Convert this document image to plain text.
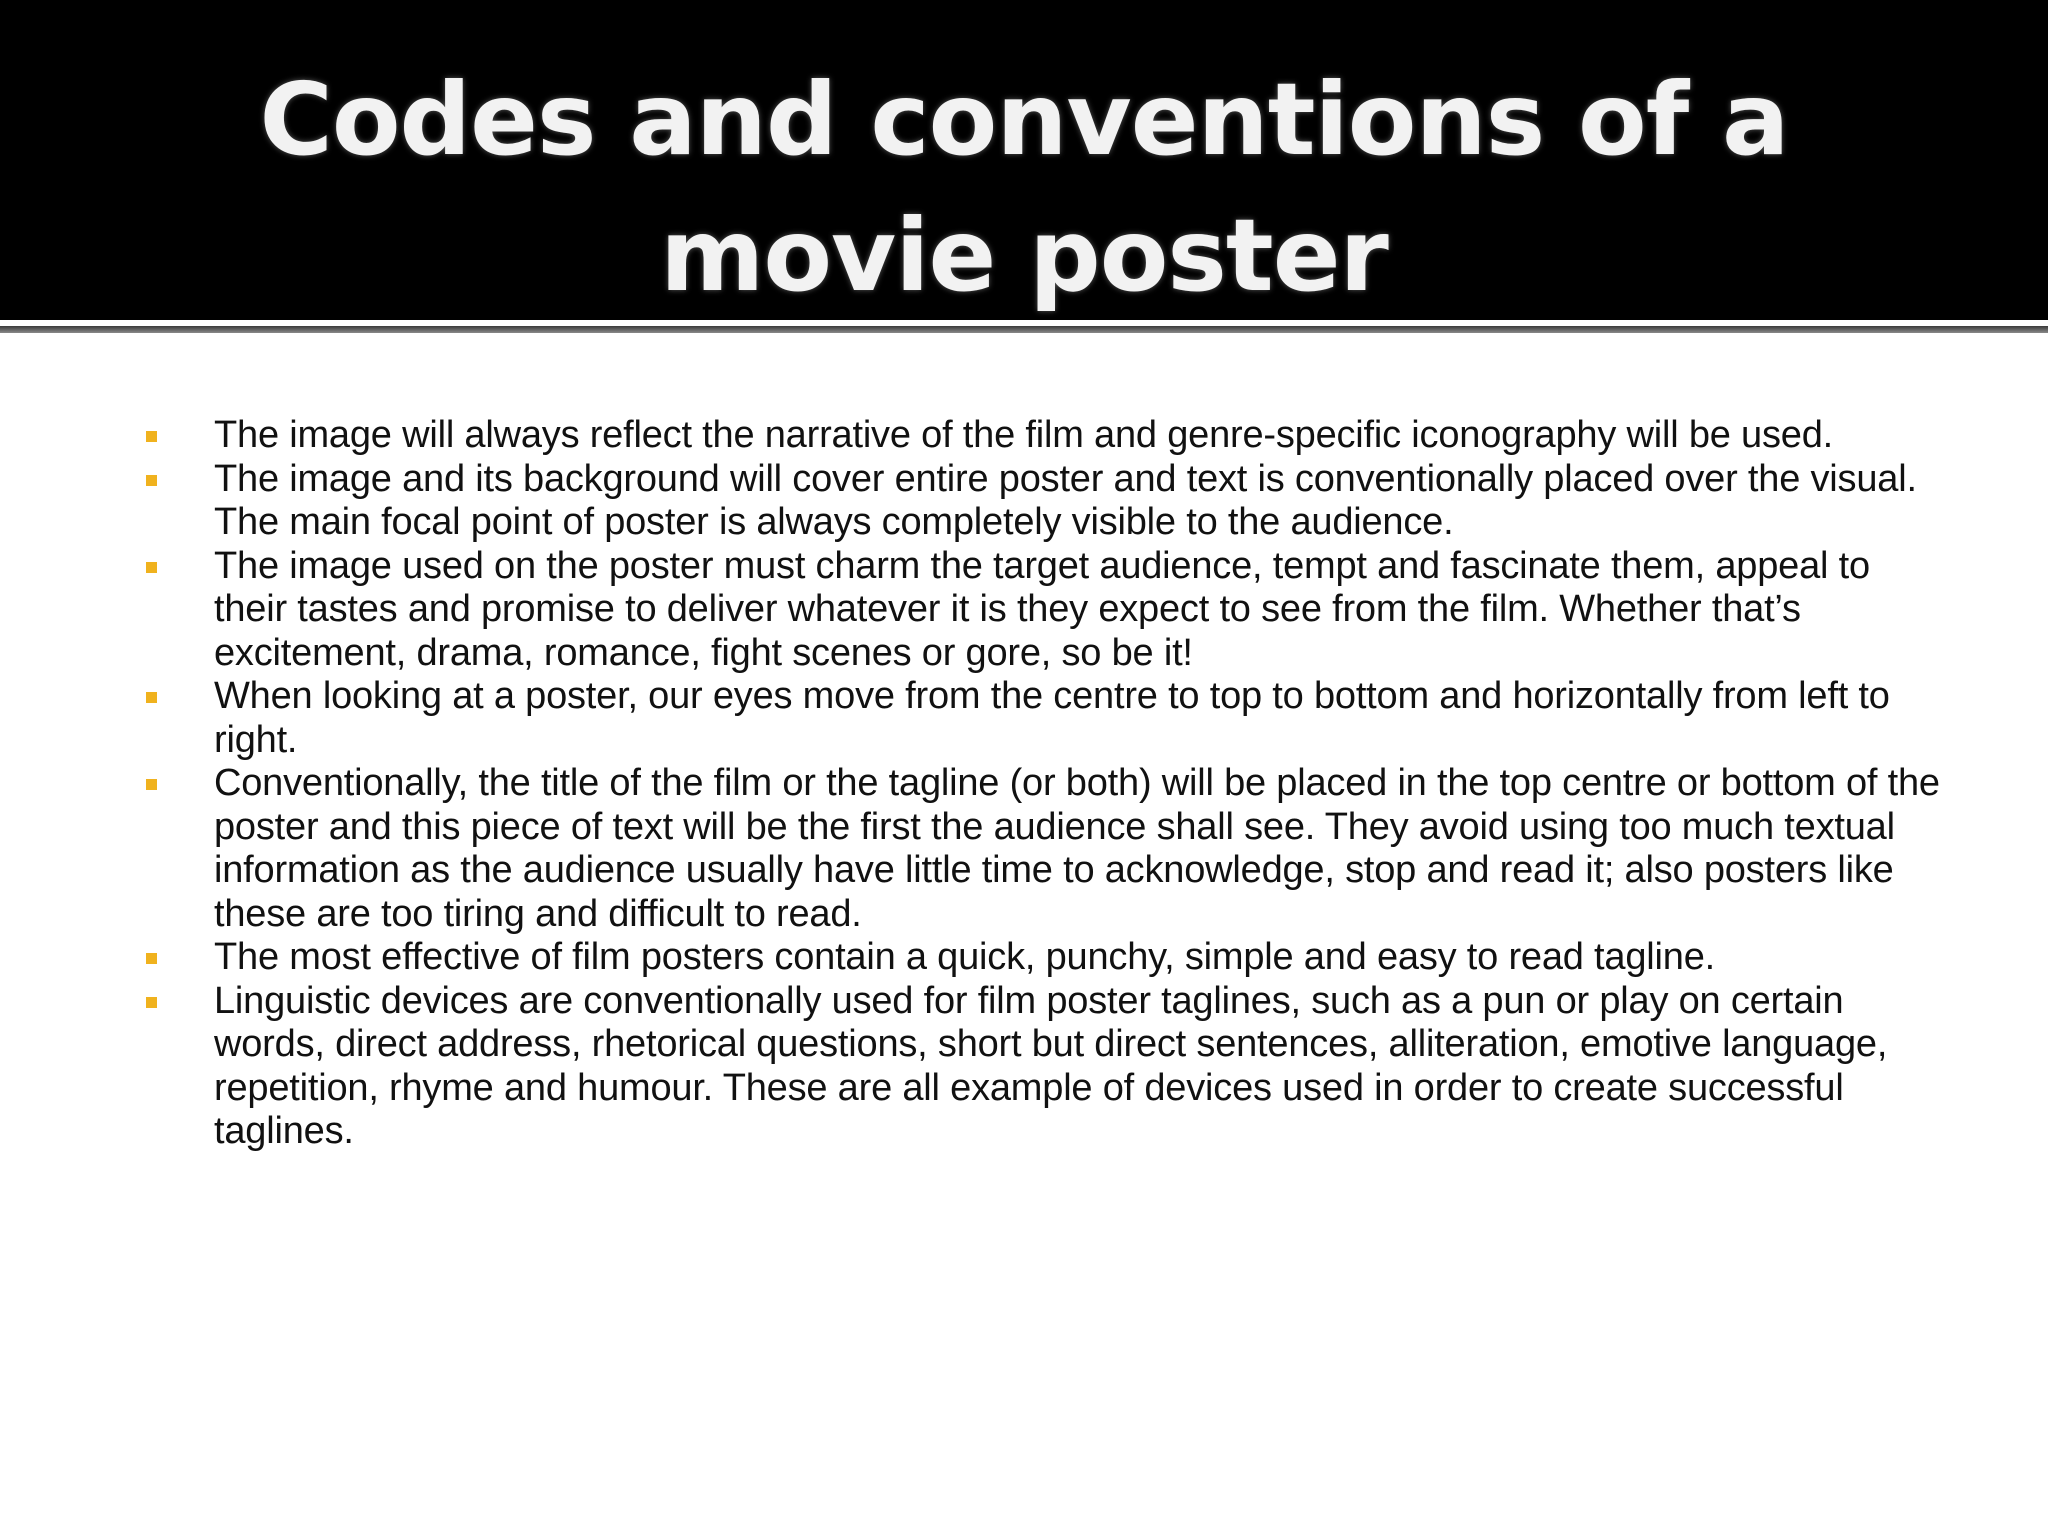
Codes and conventions of a movie poster
The image will always reflect the narrative of the film and genre-specific iconography will be used.
The image and its background will cover entire poster and text is conventionally placed over the visual. The main focal point of poster is always completely visible to the audience.
The image used on the poster must charm the target audience, tempt and fascinate them, appeal to their tastes and promise to deliver whatever it is they expect to see from the film. Whether that’s excitement, drama, romance, fight scenes or gore, so be it!
When looking at a poster, our eyes move from the centre to top to bottom and horizontally from left to right.
Conventionally, the title of the film or the tagline (or both) will be placed in the top centre or bottom of the poster and this piece of text will be the first the audience shall see. They avoid using too much textual information as the audience usually have little time to acknowledge, stop and read it; also posters like these are too tiring and difficult to read.
The most effective of film posters contain a quick, punchy, simple and easy to read tagline.
Linguistic devices are conventionally used for film poster taglines, such as a pun or play on certain words, direct address, rhetorical questions, short but direct sentences, alliteration, emotive language, repetition, rhyme and humour. These are all example of devices used in order to create successful taglines.
